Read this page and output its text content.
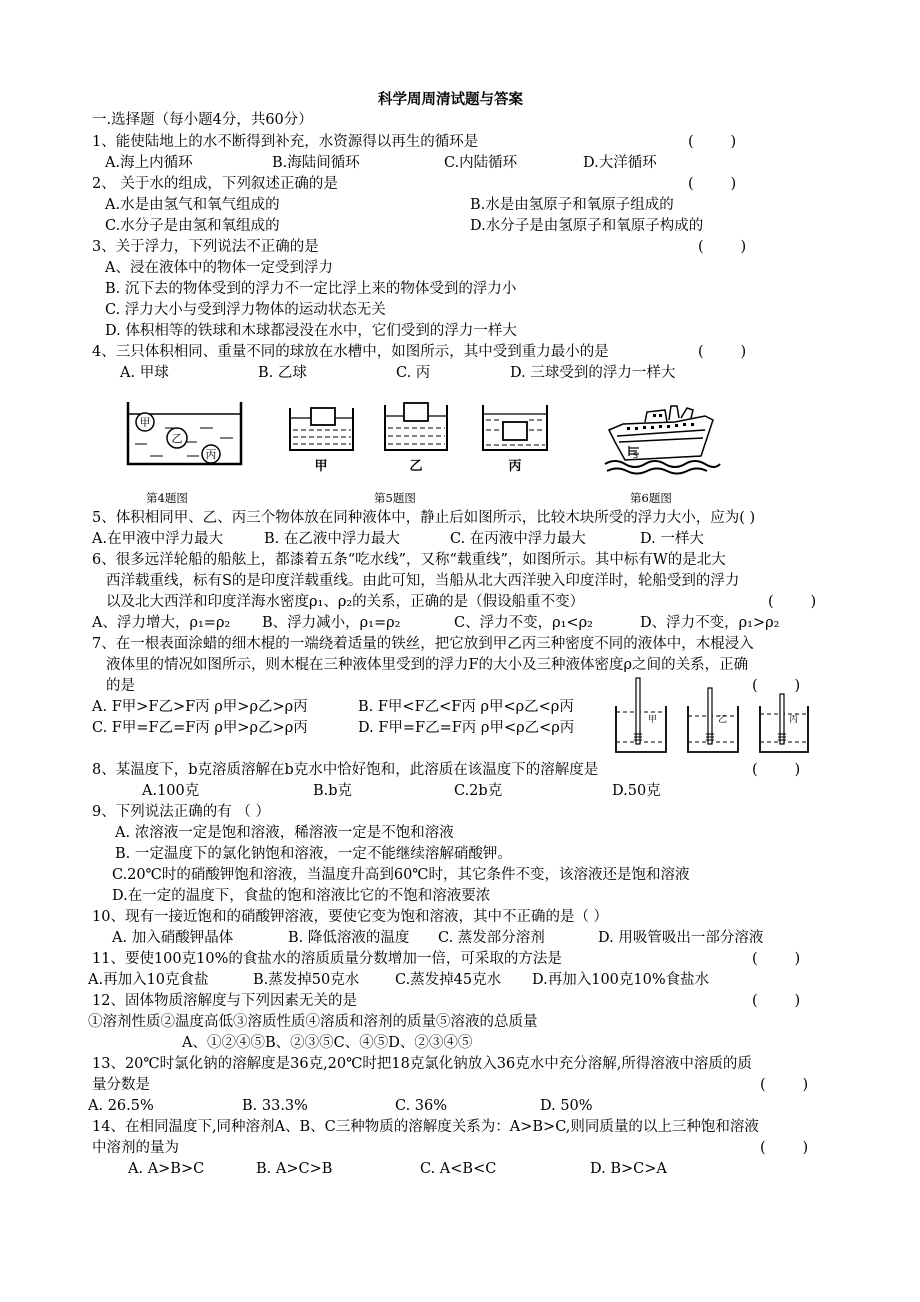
科学周周清试题与答案
一.选择题（每小题4分，共60分）
1、能使陆地上的水不断得到补充，水资源得以再生的循环是	(        )
A.海上内循环	B.海陆间循环	C.内陆循环	D.大洋循环
2、 关于水的组成，下列叙述正确的是	(        )
A.水是由氢气和氧气组成的	B.水是由氢原子和氧原子组成的
C.水分子是由氢和氧组成的	D.水分子是由氢原子和氧原子构成的
3、关于浮力，下列说法不正确的是	(        )
A、浸在液体中的物体一定受到浮力
B. 沉下去的物体受到的浮力不一定比浮上来的物体受到的浮力小
C. 浮力大小与受到浮力物体的运动状态无关
D. 体积相等的铁球和木球都浸没在水中，它们受到的浮力一样大
4、三只体积相同、重量不同的球放在水槽中，如图所示，其中受到重力最小的是	(        )
A. 甲球	B. 乙球	C. 丙	D. 三球受到的浮力一样大
甲
乙
丙
甲	乙	丙
S
第4题图	第5题图	第6题图
5、体积相同甲、乙、丙三个物体放在同种液体中，静止后如图所示，比较木块所受的浮力大小，应为( )
A.在甲液中浮力最大	B. 在乙液中浮力最大	C. 在丙液中浮力最大	D. 一样大
6、很多远洋轮船的船舷上，都漆着五条“吃水线”，又称“载重线”，如图所示。其中标有W的是北大
西洋载重线，标有S的是印度洋载重线。由此可知，当船从北大西洋驶入印度洋时，轮船受到的浮力
以及北大西洋和印度洋海水密度ρ₁、ρ₂的关系，正确的是（假设船重不变）	(        )
A、浮力增大，ρ₁=ρ₂ B、浮力减小，ρ₁=ρ₂	C、浮力不变，ρ₁<ρ₂	D、浮力不变，ρ₁>ρ₂
7、在一根表面涂蜡的细木棍的一端绕着适量的铁丝，把它放到甲乙丙三种密度不同的液体中，木棍浸入
液体里的情况如图所示，则木棍在三种液体里受到的浮力F的大小及三种液体密度ρ之间的关系，正确
的是	(        )
A. F甲>F乙>F丙 ρ甲>ρ乙>ρ丙	B. F甲<F乙<F丙 ρ甲<ρ乙<ρ丙
C. F甲=F乙=F丙 ρ甲>ρ乙>ρ丙	D. F甲=F乙=F丙 ρ甲<ρ乙<ρ丙	甲	乙	丙
8、某温度下，b克溶质溶解在b克水中恰好饱和，此溶质在该温度下的溶解度是	(        )
A.100克	B.b克	C.2b克	D.50克
9、下列说法正确的有 （ ）
A. 浓溶液一定是饱和溶液，稀溶液一定是不饱和溶液
B. 一定温度下的氯化钠饱和溶液，一定不能继续溶解硝酸钾。
C.20℃时的硝酸钾饱和溶液，当温度升高到60℃时，其它条件不变，该溶液还是饱和溶液
D.在一定的温度下，食盐的饱和溶液比它的不饱和溶液要浓
10、现有一接近饱和的硝酸钾溶液，要使它变为饱和溶液，其中不正确的是（ ）
A. 加入硝酸钾晶体	B. 降低溶液的温度 C. 蒸发部分溶剂	D. 用吸管吸出一部分溶液
11、要使100克10%的食盐水的溶质质量分数增加一倍，可采取的方法是	(        )
A.再加入10克食盐	B.蒸发掉50克水 C.蒸发掉45克水 D.再加入100克10%食盐水
12、固体物质溶解度与下列因素无关的是	(        )
①溶剂性质②温度高低③溶质性质④溶质和溶剂的质量⑤溶液的总质量
A、①②④⑤B、②③⑤C、④⑤D、②③④⑤
13、20℃时氯化钠的溶解度是36克,20℃时把18克氯化钠放入36克水中充分溶解,所得溶液中溶质的质
量分数是	(        )
A. 26.5%	B. 33.3%	C. 36%	D. 50%
14、在相同温度下,同种溶剂A、B、C三种物质的溶解度关系为：A>B>C,则同质量的以上三种饱和溶液
中溶剂的量为	(        )
A. A>B>C	B. A>C>B	C. A<B<C	D. B>C>A
